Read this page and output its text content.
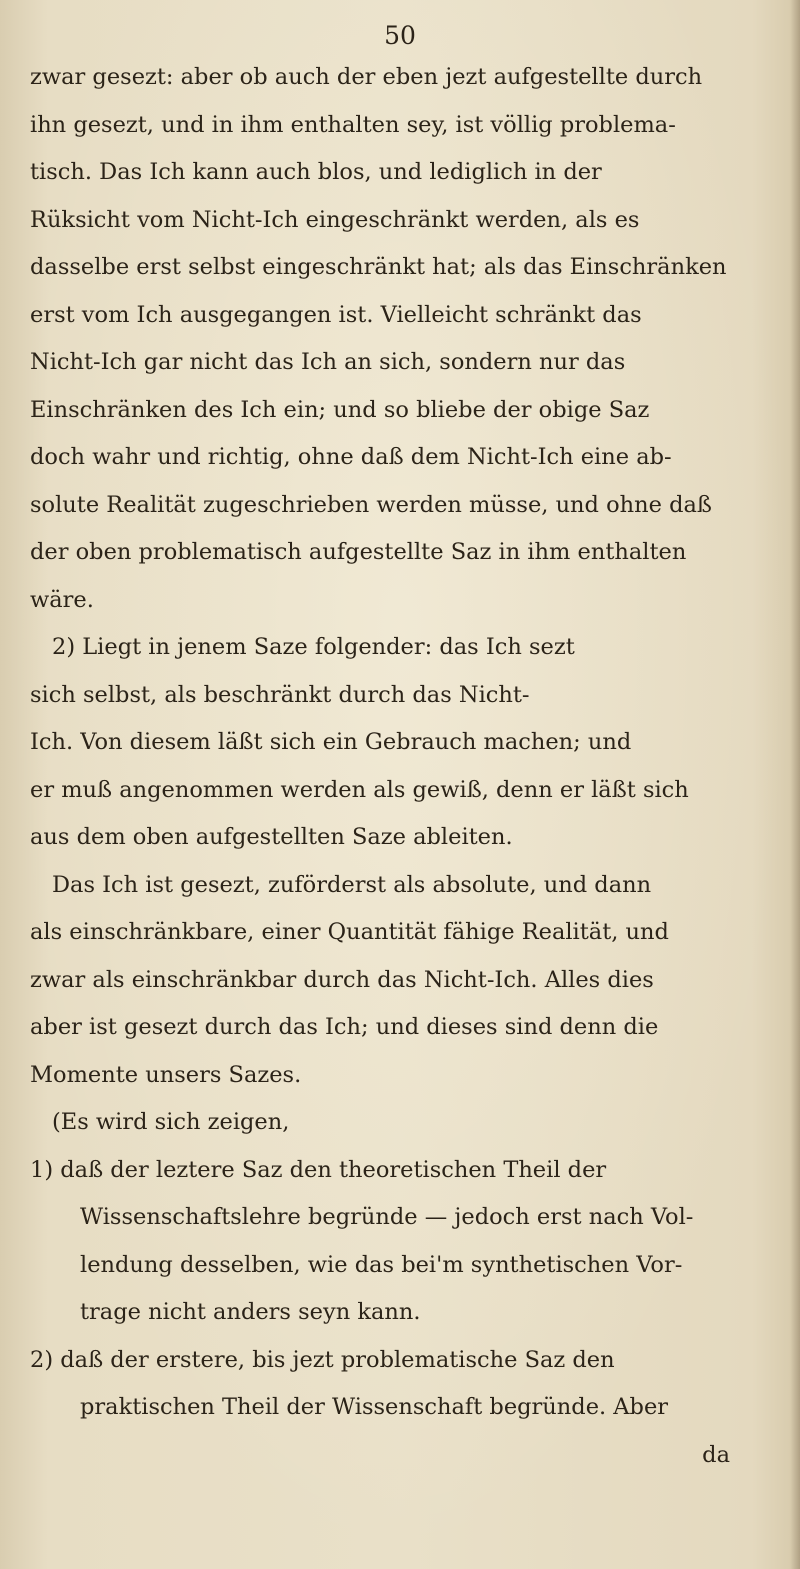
50
zwar gesezt: aber ob auch der eben jezt aufgestellte durch
ihn gesezt, und in ihm enthalten sey, ist völlig problema-
tisch. Das Ich kann auch blos, und lediglich in der
Rüksicht vom Nicht-Ich eingeschränkt werden, als es
dasselbe erst selbst eingeschränkt hat; als das Einschränken
erst vom Ich ausgegangen ist. Vielleicht schränkt das
Nicht-Ich gar nicht das Ich an sich, sondern nur das
Einschränken des Ich ein; und so bliebe der obige Saz
doch wahr und richtig, ohne daß dem Nicht-Ich eine ab-
solute Realität zugeschrieben werden müsse, und ohne daß
der oben problematisch aufgestellte Saz in ihm enthalten
wäre.
2) Liegt in jenem Saze folgender: das Ich sezt
sich selbst, als beschränkt durch das Nicht-
Ich. Von diesem läßt sich ein Gebrauch machen; und
er muß angenommen werden als gewiß, denn er läßt sich
aus dem oben aufgestellten Saze ableiten.
Das Ich ist gesezt, zuförderst als absolute, und dann
als einschränkbare, einer Quantität fähige Realität, und
zwar als einschränkbar durch das Nicht-Ich. Alles dies
aber ist gesezt durch das Ich; und dieses sind denn die
Momente unsers Sazes.
(Es wird sich zeigen,
1) daß der leztere Saz den theoretischen Theil der
Wissenschaftslehre begründe — jedoch erst nach Vol-
lendung desselben, wie das bei'm synthetischen Vor-
trage nicht anders seyn kann.
2) daß der erstere, bis jezt problematische Saz den
praktischen Theil der Wissenschaft begründe. Aber
da
